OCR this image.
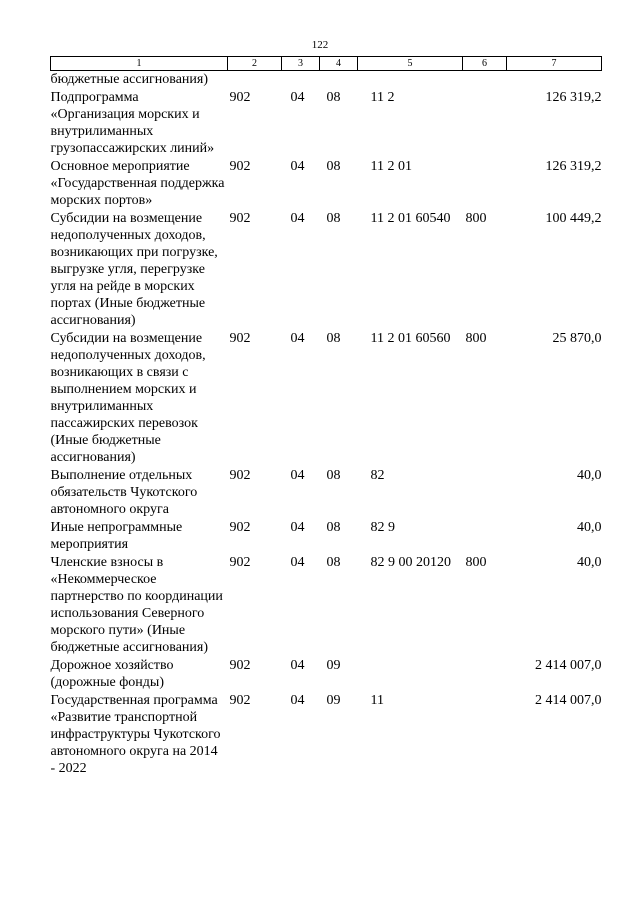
122
1	2	3	4	5	6	7
бюджетные ассигнования)						
Подпрограмма «Организация морских и внутрилиманных грузопассажирских линий»	902	04	08	11 2		126 319,2
Основное мероприятие «Государственная поддержка морских портов»	902	04	08	11 2 01		126 319,2
Субсидии на возмещение недополученных доходов, возникающих при погрузке, выгрузке угля, перегрузке угля на рейде в морских портах (Иные бюджетные ассигнования)	902	04	08	11 2 01 60540	800	100 449,2
Субсидии на возмещение недополученных доходов, возникающих в связи с выполнением морских и внутрилиманных пассажирских перевозок (Иные бюджетные ассигнования)	902	04	08	11 2 01 60560	800	25 870,0
Выполнение отдельных обязательств Чукотского автономного округа	902	04	08	82		40,0
Иные непрограммные мероприятия	902	04	08	82 9		40,0
Членские взносы в «Некоммерческое партнерство по координации использования Северного морского пути» (Иные бюджетные ассигнования)	902	04	08	82 9 00 20120	800	40,0
Дорожное хозяйство (дорожные фонды)	902	04	09			2 414 007,0
Государственная программа «Развитие транспортной инфраструктуры Чукотского автономного округа на 2014 - 2022	902	04	09	11		2 414 007,0
